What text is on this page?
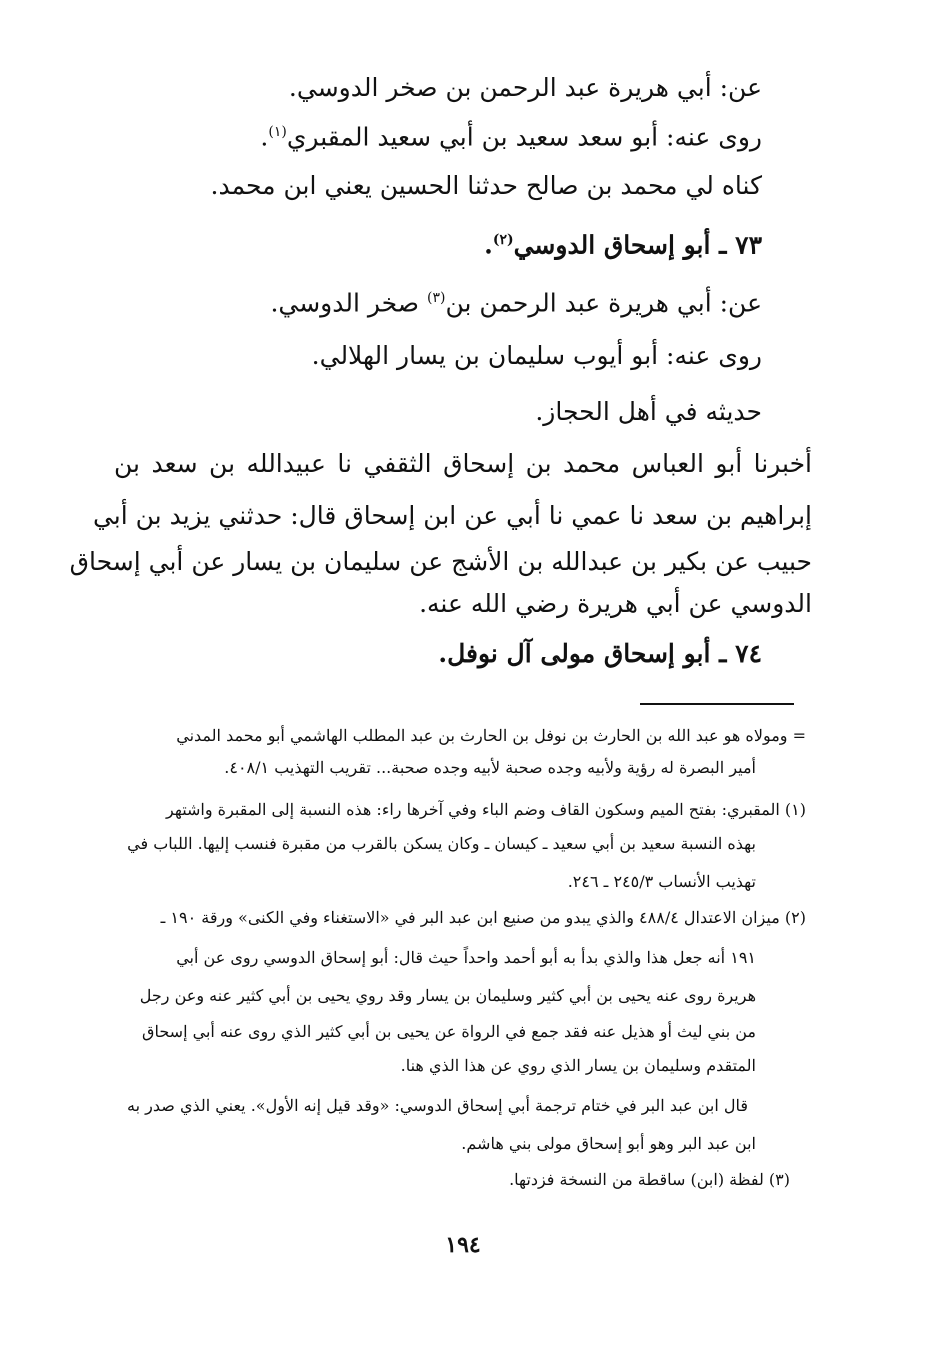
عن: أبي هريرة عبد الرحمن بن صخر الدوسي.
روى عنه: أبو سعد سعيد بن أبي سعيد المقبري$^{(١)}$.
كناه لي محمد بن صالح حدثنا الحسين يعني ابن محمد.
٧٣ ـ أبو إسحاق الدوسي$^{(٢)}$.
عن: أبي هريرة عبد الرحمن بن$^{(٣)}$ صخر الدوسي.
روى عنه: أبو أيوب سليمان بن يسار الهلالي.
حديثه في أهل الحجاز.
أخبرنا أبو العباس محمد بن إسحاق الثقفي نا عبيدالله بن سعد بن
إبراهيم بن سعد نا عمي نا أبي عن ابن إسحاق قال: حدثني يزيد بن أبي
حبيب عن بكير بن عبدالله بن الأشج عن سليمان بن يسار عن أبي إسحاق
الدوسي عن أبي هريرة رضي الله عنه.
٧٤ ـ أبو إسحاق مولى آل نوفل.
= ومولاه هو عبد الله بن الحارث بن نوفل بن الحارث بن عبد المطلب الهاشمي أبو محمد المدني
أمير البصرة له رؤية ولأبيه وجده صحبة لأبيه وجده صحبة... تقريب التهذيب ٤٠٨/١.
(١) المقبري: بفتح الميم وسكون القاف وضم الباء وفي آخرها راء: هذه النسبة إلى المقبرة واشتهر
بهذه النسبة سعيد بن أبي سعيد ـ كيسان ـ وكان يسكن بالقرب من مقبرة فنسب إليها. اللباب في
تهذيب الأنساب ٢٤٥/٣ ـ ٢٤٦.
(٢) ميزان الاعتدال ٤٨٨/٤ والذي يبدو من صنيع ابن عبد البر في «الاستغناء وفي الكنى» ورقة ١٩٠ ـ
١٩١ أنه جعل هذا والذي بدأ به أبو أحمد واحداً حيث قال: أبو إسحاق الدوسي روى عن أبي
هريرة روى عنه يحيى بن أبي كثير وسليمان بن يسار وقد روي يحيى بن أبي كثير عنه وعن رجل
من بني ليث أو هذيل عنه فقد جمع في الرواة عن يحيى بن أبي كثير الذي روى عنه أبي إسحاق
المتقدم وسليمان بن يسار الذي روي عن هذا الذي هنا.
قال ابن عبد البر في ختام ترجمة أبي إسحاق الدوسي: «وقد قيل إنه الأول». يعني الذي صدر به
ابن عبد البر وهو أبو إسحاق مولى بني هاشم.
(٣) لفظة (ابن) ساقطة من النسخة فزدتها.
١٩٤
